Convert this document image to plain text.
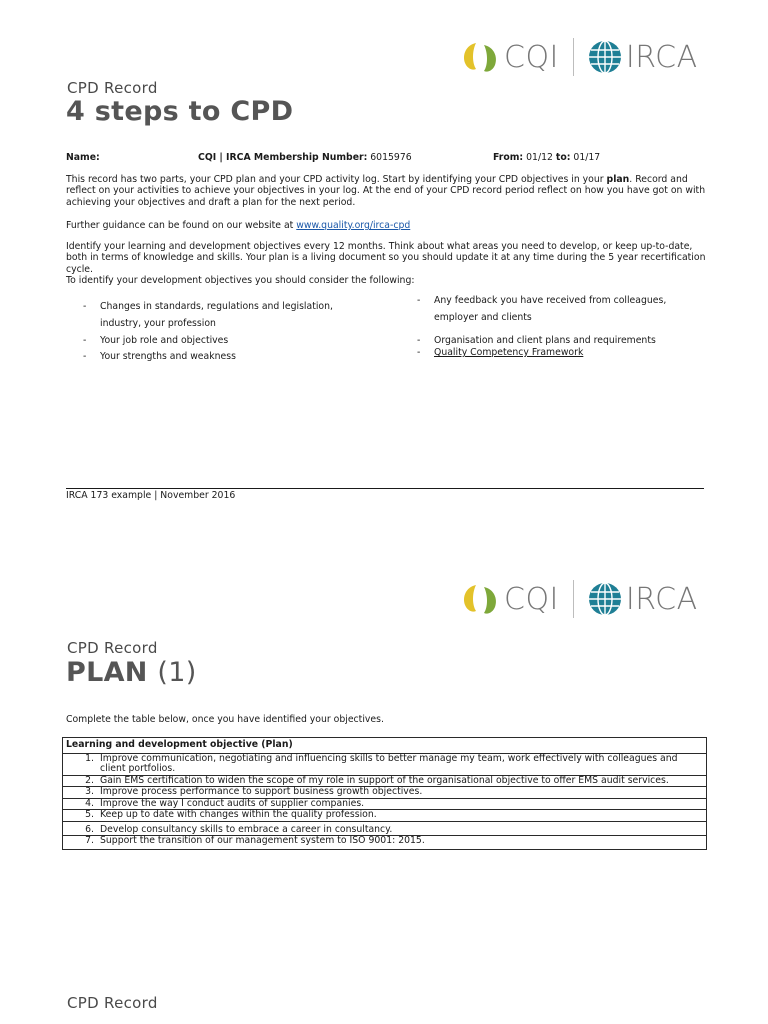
CQI IRCA
CPD Record
4 steps to CPD
Name:	CQI | IRCA Membership Number: 6015976	From: 01/12 to: 01/17
This record has two parts, your CPD plan and your CPD activity log. Start by identifying your CPD objectives in your plan. Record and reflect on your activities to achieve your objectives in your log. At the end of your CPD record period reflect on how you have got on with achieving your objectives and draft a plan for the next period.
Further guidance can be found on our website at www.quality.org/irca-cpd
Identify your learning and development objectives every 12 months. Think about what areas you need to develop, or keep up-to-date, both in terms of knowledge and skills. Your plan is a living document so you should update it at any time during the 5 year recertification cycle.
To identify your development objectives you should consider the following:
-	Changes in standards, regulations and legislation, industry, your profession
-	Your job role and objectives
-	Your strengths and weakness
-	Any feedback you have received from colleagues, employer and clients
-	Organisation and client plans and requirements
-	Quality Competency Framework
IRCA 173 example | November 2016
CQI IRCA
CPD Record
PLAN (1)
Complete the table below, once you have identified your objectives.
Learning and development objective (Plan)

1. Improve communication, negotiating and influencing skills to better manage my team, work effectively with colleagues and client portfolios.

2. Gain EMS certification to widen the scope of my role in support of the organisational objective to offer EMS audit services.

3. Improve process performance to support business growth objectives.

4. Improve the way I conduct audits of supplier companies.

5. Keep up to date with changes within the quality profession.

6. Develop consultancy skills to embrace a career in consultancy.

7. Support the transition of our management system to ISO 9001: 2015.
CPD Record
